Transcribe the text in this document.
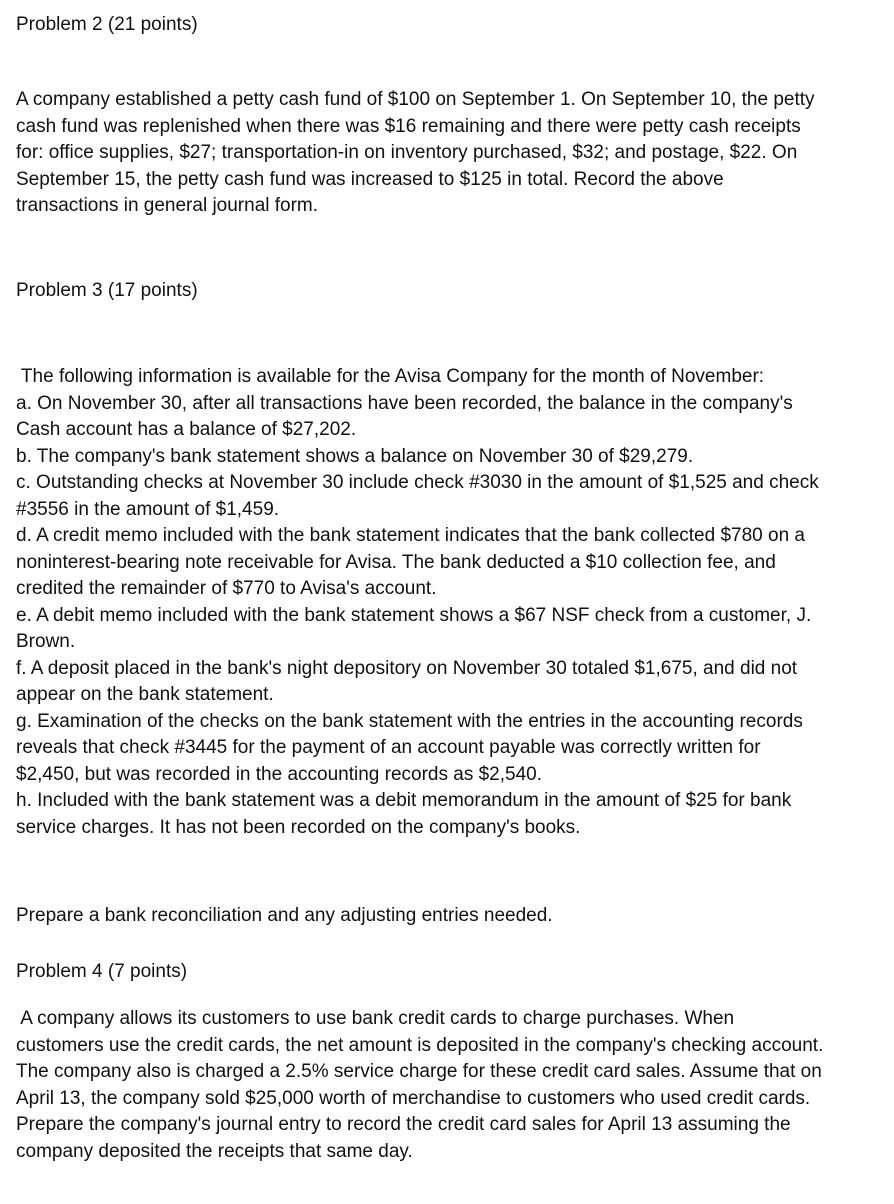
Problem 2 (21 points)
A company established a petty cash fund of $100 on September 1. On September 10, the petty
cash fund was replenished when there was $16 remaining and there were petty cash receipts
for: office supplies, $27; transportation-in on inventory purchased, $32; and postage, $22. On
September 15, the petty cash fund was increased to $125 in total. Record the above
transactions in general journal form.
Problem 3 (17 points)
The following information is available for the Avisa Company for the month of November:
a. On November 30, after all transactions have been recorded, the balance in the company's
Cash account has a balance of $27,202.
b. The company's bank statement shows a balance on November 30 of $29,279.
c. Outstanding checks at November 30 include check #3030 in the amount of $1,525 and check
#3556 in the amount of $1,459.
d. A credit memo included with the bank statement indicates that the bank collected $780 on a
noninterest-bearing note receivable for Avisa. The bank deducted a $10 collection fee, and
credited the remainder of $770 to Avisa's account.
e. A debit memo included with the bank statement shows a $67 NSF check from a customer, J.
Brown.
f. A deposit placed in the bank's night depository on November 30 totaled $1,675, and did not
appear on the bank statement.
g. Examination of the checks on the bank statement with the entries in the accounting records
reveals that check #3445 for the payment of an account payable was correctly written for
$2,450, but was recorded in the accounting records as $2,540.
h. Included with the bank statement was a debit memorandum in the amount of $25 for bank
service charges. It has not been recorded on the company's books.
Prepare a bank reconciliation and any adjusting entries needed.
Problem 4 (7 points)
A company allows its customers to use bank credit cards to charge purchases. When
customers use the credit cards, the net amount is deposited in the company's checking account.
The company also is charged a 2.5% service charge for these credit card sales. Assume that on
April 13, the company sold $25,000 worth of merchandise to customers who used credit cards.
Prepare the company's journal entry to record the credit card sales for April 13 assuming the
company deposited the receipts that same day.
